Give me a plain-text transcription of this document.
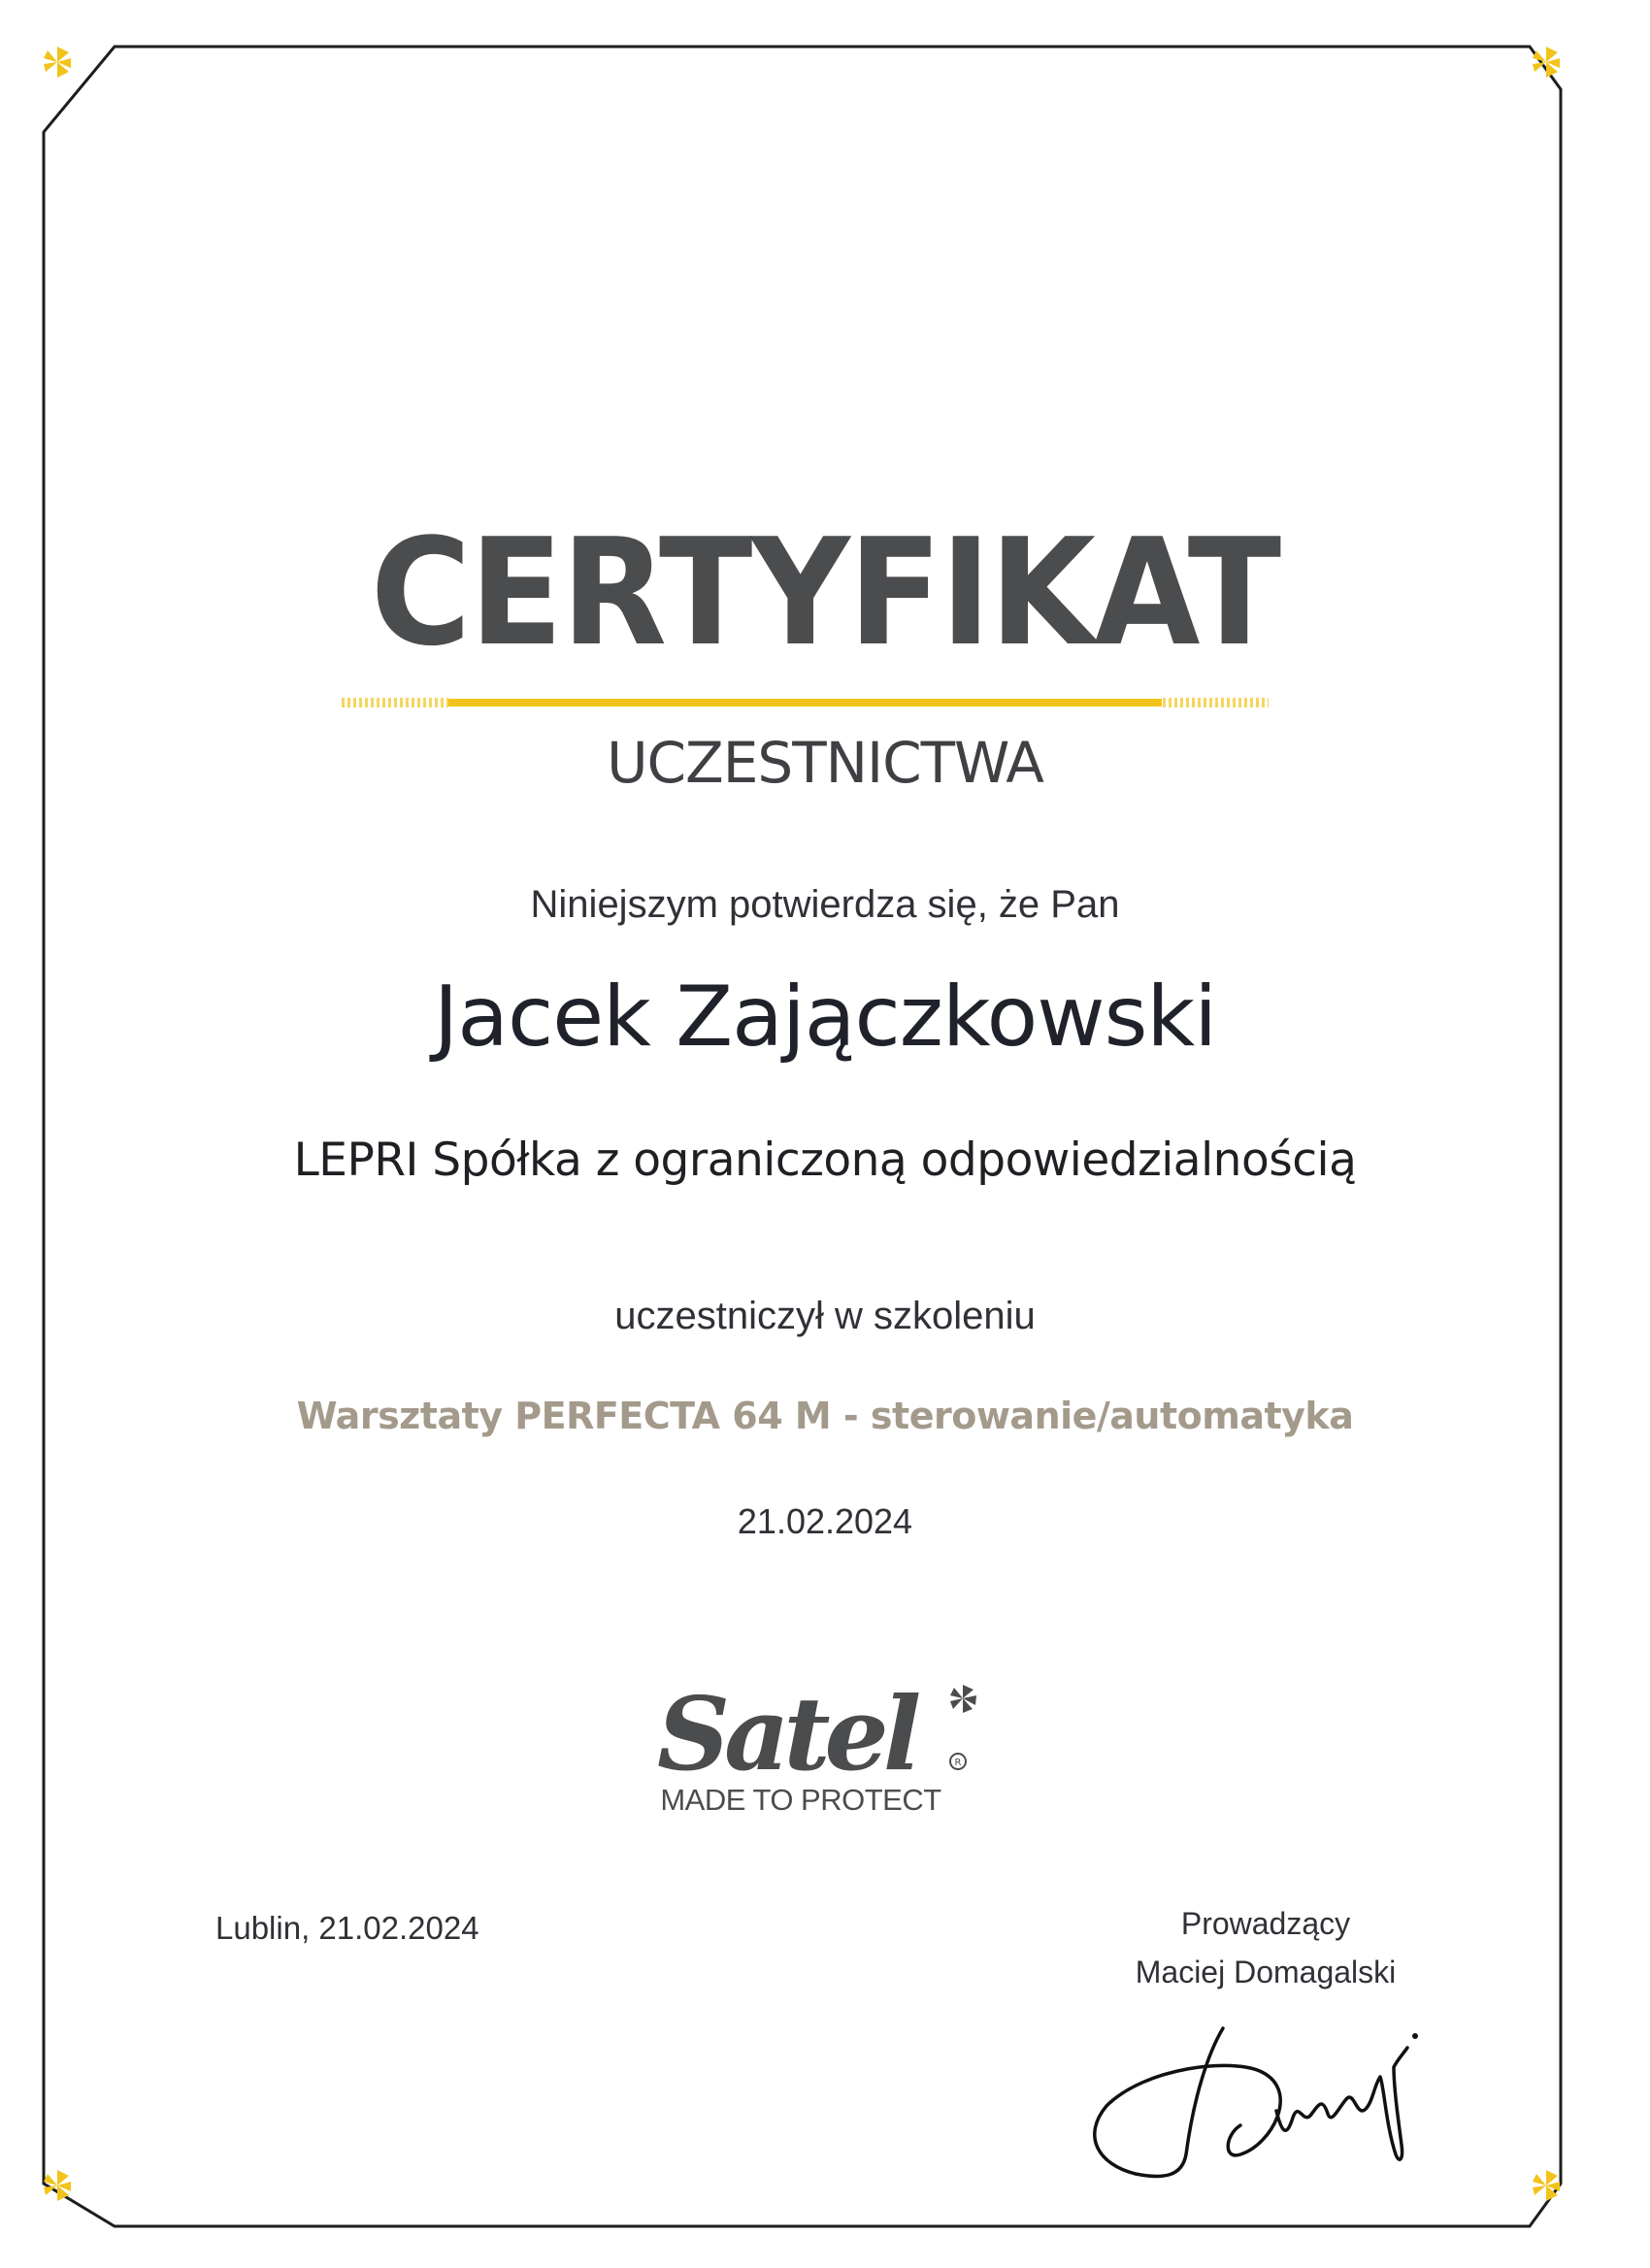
CERTYFIKAT
UCZESTNICTWA
Niniejszym potwierdza się, że Pan
Jacek Zajączkowski
LEPRI Spółka z ograniczoną odpowiedzialnością
uczestniczył w szkoleniu
Warsztaty PERFECTA 64 M - sterowanie/automatyka
21.02.2024
Satel	R
MADE TO PROTECT
Lublin, 21.02.2024	Prowadzący
Maciej Domagalski
